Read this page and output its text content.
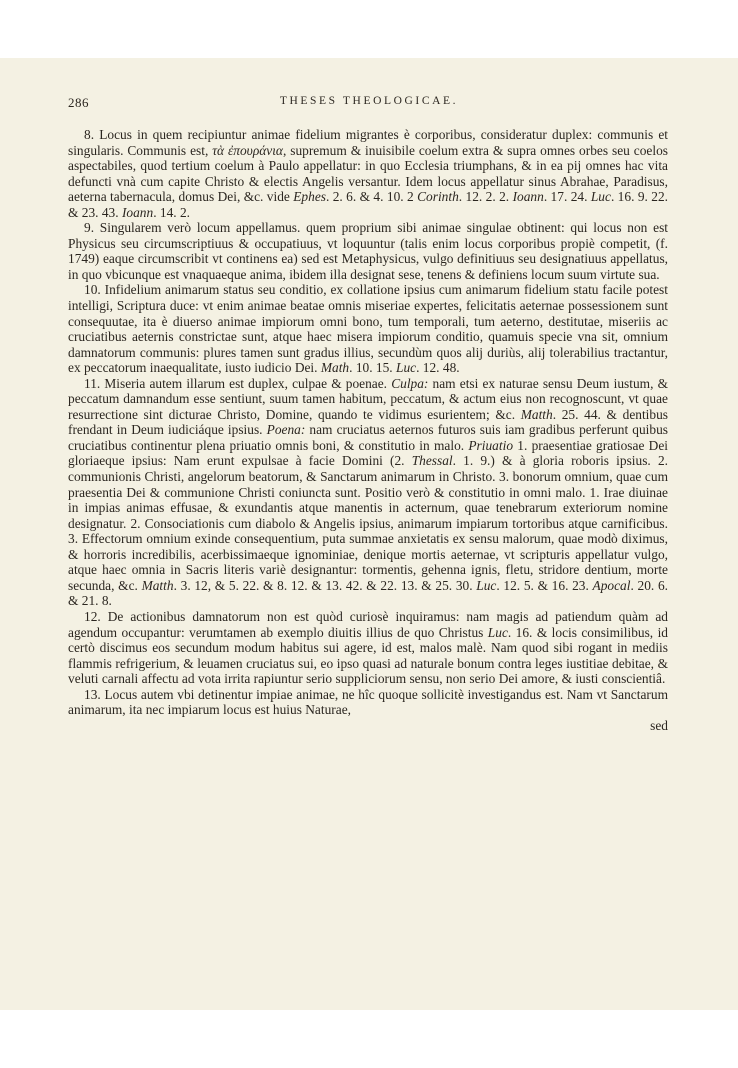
286	THESES THEOLOGICAE.

8. Locus in quem recipiuntur animae fidelium migrantes è corporibus, consideratur duplex: communis et singularis. Communis est, τὰ ἐπουράνια, supremum & inuisibile coelum extra & supra omnes orbes seu coelos aspectabiles, quod tertium coelum à Paulo appellatur: in quo Ecclesia triumphans, & in ea pij omnes hac vita defuncti vnà cum capite Christo & electis Angelis versantur. Idem locus appellatur sinus Abrahae, Paradisus, aeterna tabernacula, domus Dei, &c. vide Ephes. 2. 6. & 4. 10. 2 Corinth. 12. 2. 2. Ioann. 17. 24. Luc. 16. 9. 22. & 23. 43. Ioann. 14. 2.

9. Singularem verò locum appellamus. quem proprium sibi animae singulae obtinent: qui locus non est Physicus seu circumscriptiuus & occupatiuus, vt loquuntur (talis enim locus corporibus propiè competit, (f. 1749) eaque circumscribit vt continens ea) sed est Metaphysicus, vulgo definitiuus seu designatiuus appellatus, in quo vbicunque est vnaquaeque anima, ibidem illa designat sese, tenens & definiens locum suum virtute sua.

10. Infidelium animarum status seu conditio, ex collatione ipsius cum animarum fidelium statu facile potest intelligi, Scriptura duce: vt enim animae beatae omnis miseriae expertes, felicitatis aeternae possessionem sunt consequutae, ita è diuerso animae impiorum omni bono, tum temporali, tum aeterno, destitutae, miseriis ac cruciatibus aeternis constrictae sunt, atque haec misera impiorum conditio, quamuis specie vna sit, omnium damnatorum communis: plures tamen sunt gradus illius, secundùm quos alij duriùs, alij tolerabilius tractantur, ex peccatorum inaequalitate, iusto iudicio Dei. Math. 10. 15. Luc. 12. 48.

11. Miseria autem illarum est duplex, culpae & poenae. Culpa: nam etsi ex naturae sensu Deum iustum, & peccatum damnandum esse sentiunt, suum tamen habitum, peccatum, & actum eius non recognoscunt, vt quae resurrectione sint dicturae Christo, Domine, quando te vidimus esurientem; &c. Matth. 25. 44. & dentibus frendant in Deum iudiciáque ipsius. Poena: nam cruciatus aeternos futuros suis iam gradibus perferunt quibus cruciatibus continentur plena priuatio omnis boni, & constitutio in malo. Priuatio 1. praesentiae gratiosae Dei gloriaeque ipsius: Nam erunt expulsae à facie Domini (2. Thessal. 1. 9.) & à gloria roboris ipsius. 2. communionis Christi, angelorum beatorum, & Sanctarum animarum in Christo. 3. bonorum omnium, quae cum praesentia Dei & communione Christi coniuncta sunt. Positio verò & constitutio in omni malo. 1. Irae diuinae in impias animas effusae, & exundantis atque manentis in acternum, quae tenebrarum exteriorum nomine designatur. 2. Consociationis cum diabolo & Angelis ipsius, animarum impiarum tortoribus atque carnificibus. 3. Effectorum omnium exinde consequentium, puta summae anxietatis ex sensu malorum, quae modò diximus, & horroris incredibilis, acerbissimaeque ignominiae, denique mortis aeternae, vt scripturis appellatur vulgo, atque haec omnia in Sacris literis variè designantur: tormentis, gehenna ignis, fletu, stridore dentium, morte secunda, &c. Matth. 3. 12, & 5. 22. & 8. 12. & 13. 42. & 22. 13. & 25. 30. Luc. 12. 5. & 16. 23. Apocal. 20. 6. & 21. 8.

12. De actionibus damnatorum non est quòd curiosè inquiramus: nam magis ad patiendum quàm ad agendum occupantur: verumtamen ab exemplo diuitis illius de quo Christus Luc. 16. & locis consimilibus, id certò discimus eos secundum modum habitus sui agere, id est, malos malè. Nam quod sibi rogant in mediis flammis refrigerium, & leuamen cruciatus sui, eo ipso quasi ad naturale bonum contra leges iustitiae debitae, & veluti carnali affectu ad vota irrita rapiuntur serio suppliciorum sensu, non serio Dei amore, & iusti conscientiâ.

13. Locus autem vbi detinentur impiae animae, ne hîc quoque sollicitè investigandus est. Nam vt Sanctarum animarum, ita nec impiarum locus est huius Naturae,

sed
